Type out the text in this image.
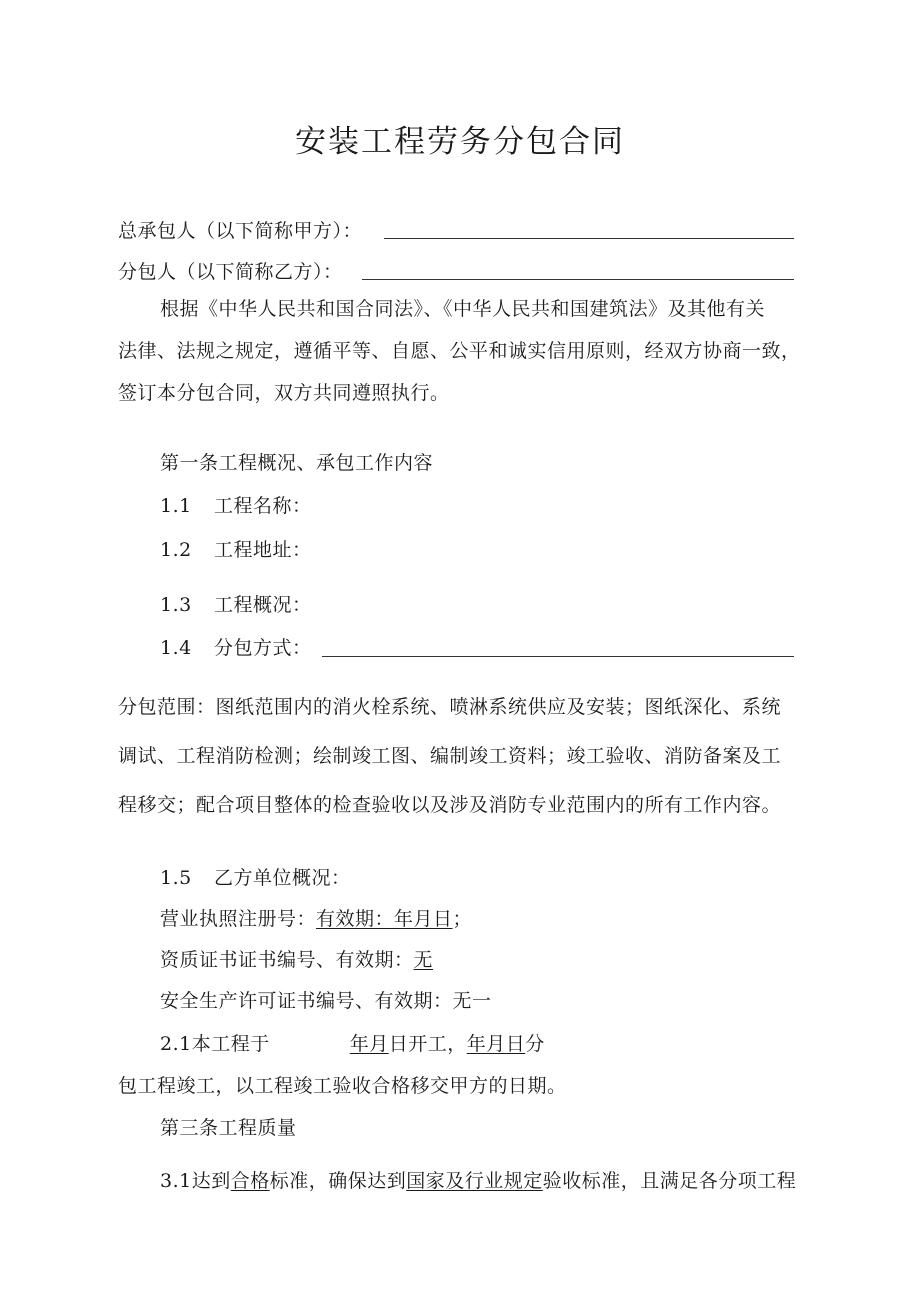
安装工程劳务分包合同
总承包人（以下简称甲方）：
分包人（以下简称乙方）：
根据《中华人民共和国合同法》、《中华人民共和国建筑法》及其他有关
法律、法规之规定，遵循平等、自愿、公平和诚实信用原则，经双方协商一致，
签订本分包合同，双方共同遵照执行。
第一条工程概况、承包工作内容
1.1 工程名称：
1.2 工程地址：
1.3 工程概况：
1.4 分包方式：
分包范围：图纸范围内的消火栓系统、喷淋系统供应及安装；图纸深化、系统
调试、工程消防检测；绘制竣工图、编制竣工资料；竣工验收、消防备案及工
程移交；配合项目整体的检查验收以及涉及消防专业范围内的所有工作内容。
1.5 乙方单位概况：
营业执照注册号：有效期：年月日；
资质证书证书编号、有效期：无
安全生产许可证书编号、有效期：无一
2.1本工程于	年月日开工，年月日分
包工程竣工，以工程竣工验收合格移交甲方的日期。
第三条工程质量
3.1达到合格标准，确保达到国家及行业规定验收标准，且满足各分项工程
